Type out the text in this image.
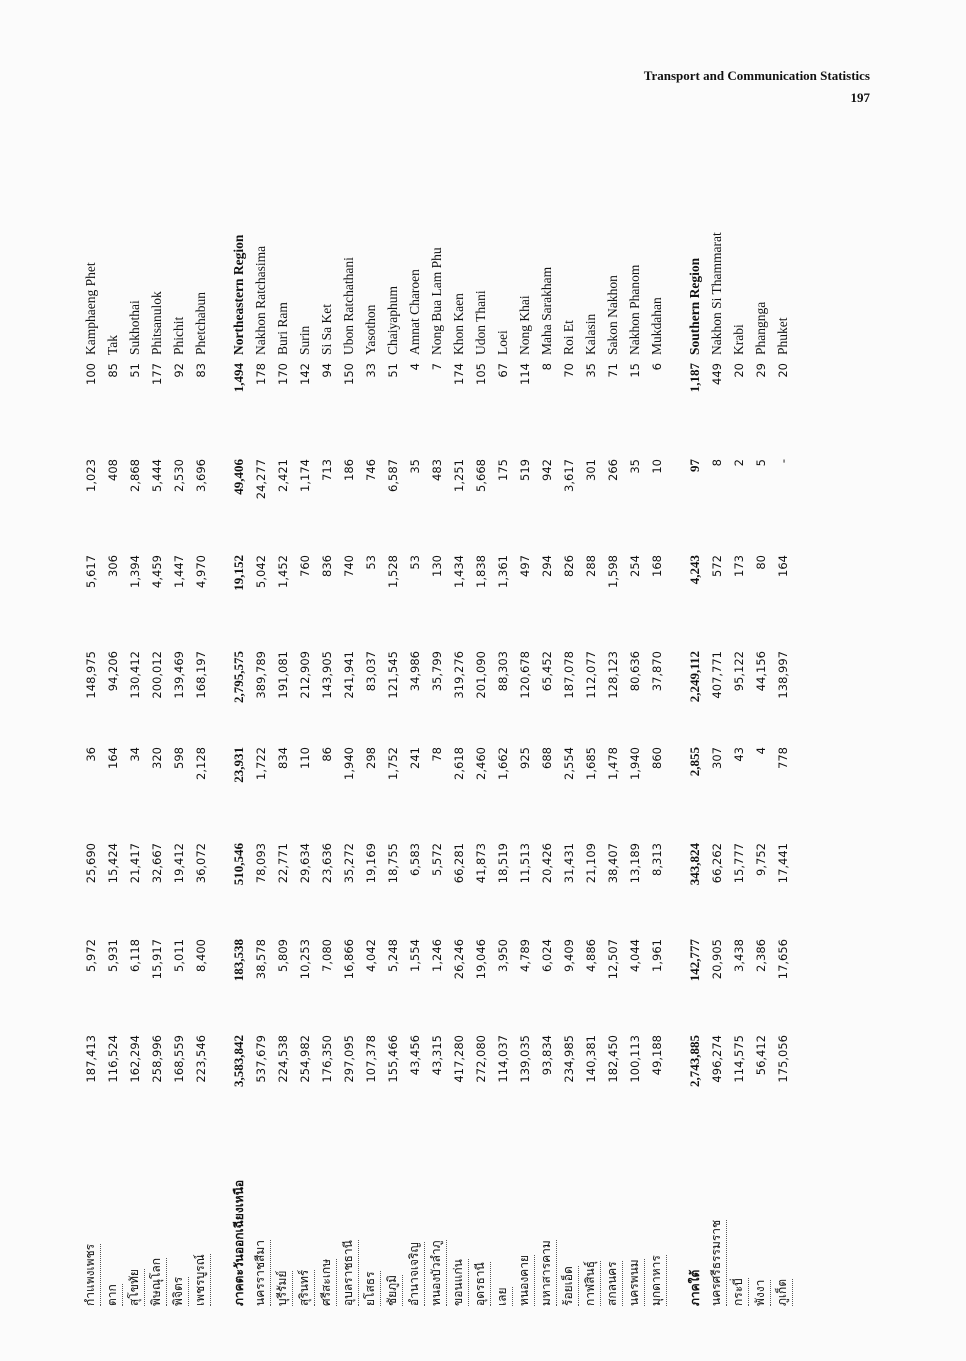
Transport and Communication Statistics
197
กำแพงเพชร	187,413	5,972	25,690	36	148,975	5,617	1,023	100	Kamphaeng Phet
ตาก	116,524	5,931	15,424	164	94,206	306	408	85	Tak
สุโขทัย	162,294	6,118	21,417	34	130,412	1,394	2,868	51	Sukhothai
พิษณุโลก	258,996	15,917	32,667	320	200,012	4,459	5,444	177	Phitsanulok
พิจิตร	168,559	5,011	19,412	598	139,469	1,447	2,530	92	Phichit
เพชรบูรณ์	223,546	8,400	36,072	2,128	168,197	4,970	3,696	83	Phetchabun

ภาคตะวันออกเฉียงเหนือ	3,583,842	183,538	510,546	23,931	2,795,575	19,152	49,406	1,494	Northeastern Region
นครราชสีมา	537,679	38,578	78,093	1,722	389,789	5,042	24,277	178	Nakhon Ratchasima
บุรีรัมย์	224,538	5,809	22,771	834	191,081	1,452	2,421	170	Buri Ram
สุรินทร์	254,982	10,253	29,634	110	212,909	760	1,174	142	Surin
ศรีสะเกษ	176,350	7,080	23,636	86	143,905	836	713	94	Si Sa Ket
อุบลราชธานี	297,095	16,866	35,272	1,940	241,941	740	186	150	Ubon Ratchathani
ยโสธร	107,378	4,042	19,169	298	83,037	53	746	33	Yasothon
ชัยภูมิ	155,466	5,248	18,755	1,752	121,545	1,528	6,587	51	Chaiyaphum
อำนาจเจริญ	43,456	1,554	6,583	241	34,986	53	35	4	Amnat Charoen
หนองบัวลำภู	43,315	1,246	5,572	78	35,799	130	483	7	Nong Bua Lam Phu
ขอนแก่น	417,280	26,246	66,281	2,618	319,276	1,434	1,251	174	Khon Kaen
อุดรธานี	272,080	19,046	41,873	2,460	201,090	1,838	5,668	105	Udon Thani
เลย	114,037	3,950	18,519	1,662	88,303	1,361	175	67	Loei
หนองคาย	139,035	4,789	11,513	925	120,678	497	519	114	Nong Khai
มหาสารคาม	93,834	6,024	20,426	688	65,452	294	942	8	Maha Sarakham
ร้อยเอ็ด	234,985	9,409	31,431	2,554	187,078	826	3,617	70	Roi Et
กาฬสินธุ์	140,381	4,886	21,109	1,685	112,077	288	301	35	Kalasin
สกลนคร	182,450	12,507	38,407	1,478	128,123	1,598	266	71	Sakon Nakhon
นครพนม	100,113	4,044	13,189	1,940	80,636	254	35	15	Nakhon Phanom
มุกดาหาร	49,188	1,961	8,313	860	37,870	168	10	6	Mukdahan

ภาคใต้	2,743,885	142,777	343,824	2,855	2,249,112	4,243	97	1,187	Southern Region
นครศรีธรรมราช	496,274	20,905	66,262	307	407,771	572	8	449	Nakhon Si Thammarat
กระบี่	114,575	3,438	15,777	43	95,122	173	2	20	Krabi
พังงา	56,412	2,386	9,752	4	44,156	80	5	29	Phangnga
ภูเก็ต	175,056	17,656	17,441	778	138,997	164	-	20	Phuket
